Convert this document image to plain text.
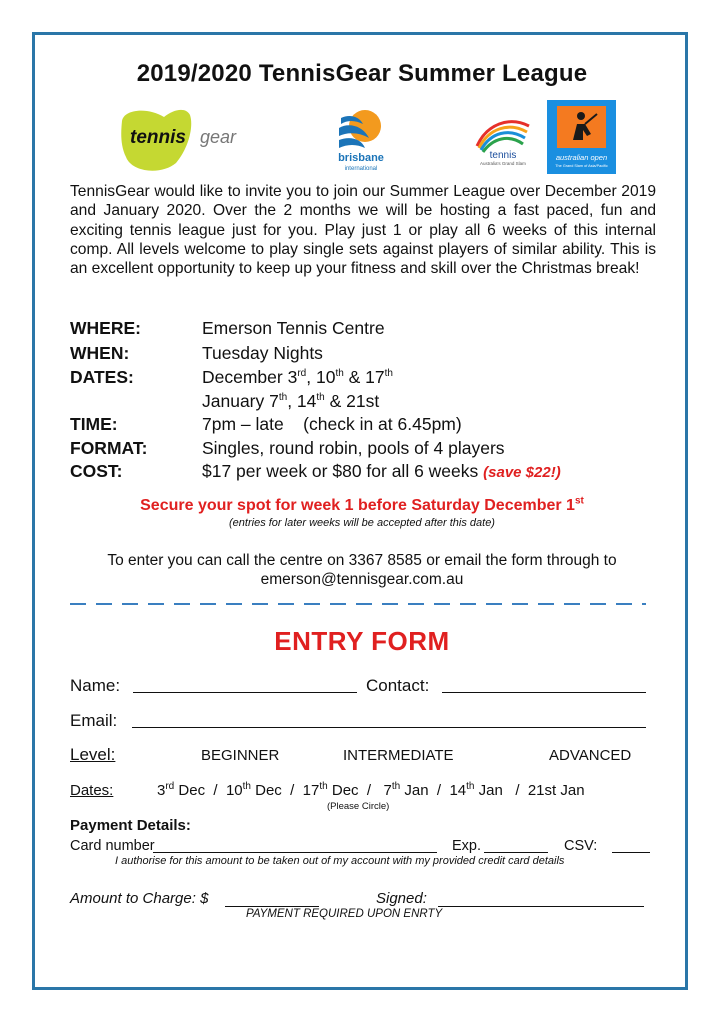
2019/2020 TennisGear Summer League
tennis gear
brisbane
international
tennis
Australia's Grand Slam
australian open
The Grand Slam of Asia/Pacific
TennisGear would like to invite you to join our Summer League over December 2019 and January 2020. Over the 2 months we will be hosting a fast paced, fun and exciting tennis league just for you. Play just 1 or play all 6 weeks of this internal comp. All levels welcome to play single sets against players of similar ability. This is an excellent opportunity to keep up your fitness and skill over the Christmas break!
WHERE:	Emerson Tennis Centre
WHEN:	Tuesday Nights
DATES:	December 3rd, 10th & 17th
January 7th, 14th & 21st
TIME:	7pm – late    (check in at 6.45pm)
FORMAT:	Singles, round robin, pools of 4 players
COST:	$17 per week or $80 for all 6 weeks (save $22!)
Secure your spot for week 1 before Saturday December 1st
(entries for later weeks will be accepted after this date)
To enter you can call the centre on 3367 8585 or email the form through to
emerson@tennisgear.com.au
ENTRY FORM
Name:	Contact:
Email:
Level:	BEGINNER	INTERMEDIATE	ADVANCED
Dates:	3rd Dec  /  10th Dec  /  17th Dec  /   7th Jan  /  14th Jan   /  21st Jan
(Please Circle)
Payment Details:
Card number	Exp.	CSV:
I authorise for this amount to be taken out of my account with my provided credit card details
Amount to Charge: $	Signed:
PAYMENT REQUIRED UPON ENRTY
